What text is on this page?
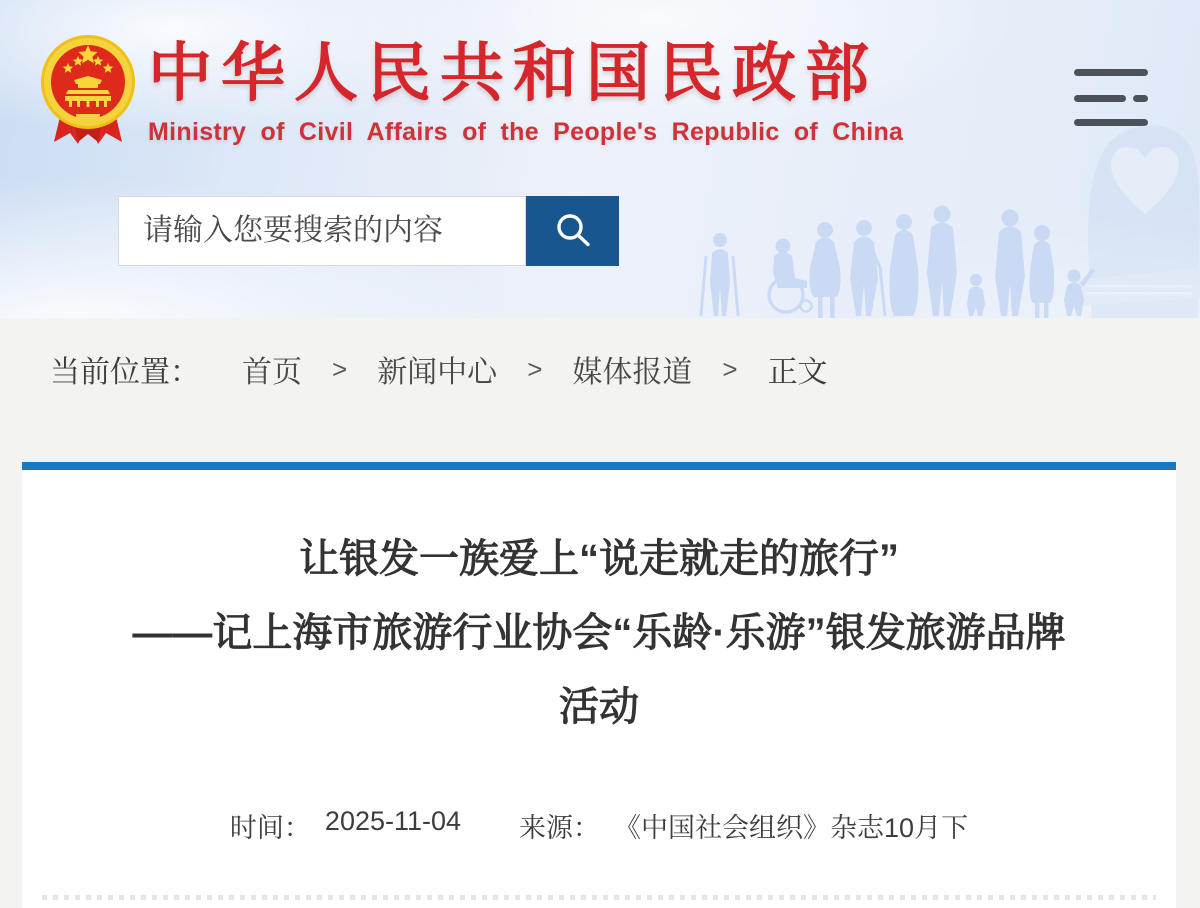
中华人民共和国民政部
Ministry of Civil Affairs of the People's Republic of China
请输入您要搜索的内容
当前位置： 首页 > 新闻中心 > 媒体报道 > 正文
让银发一族爱上“说走就走的旅行”
——记上海市旅游行业协会“乐龄·乐游”银发旅游品牌
活动
时间： 2025-11-04 来源： 《中国社会组织》杂志10月下
